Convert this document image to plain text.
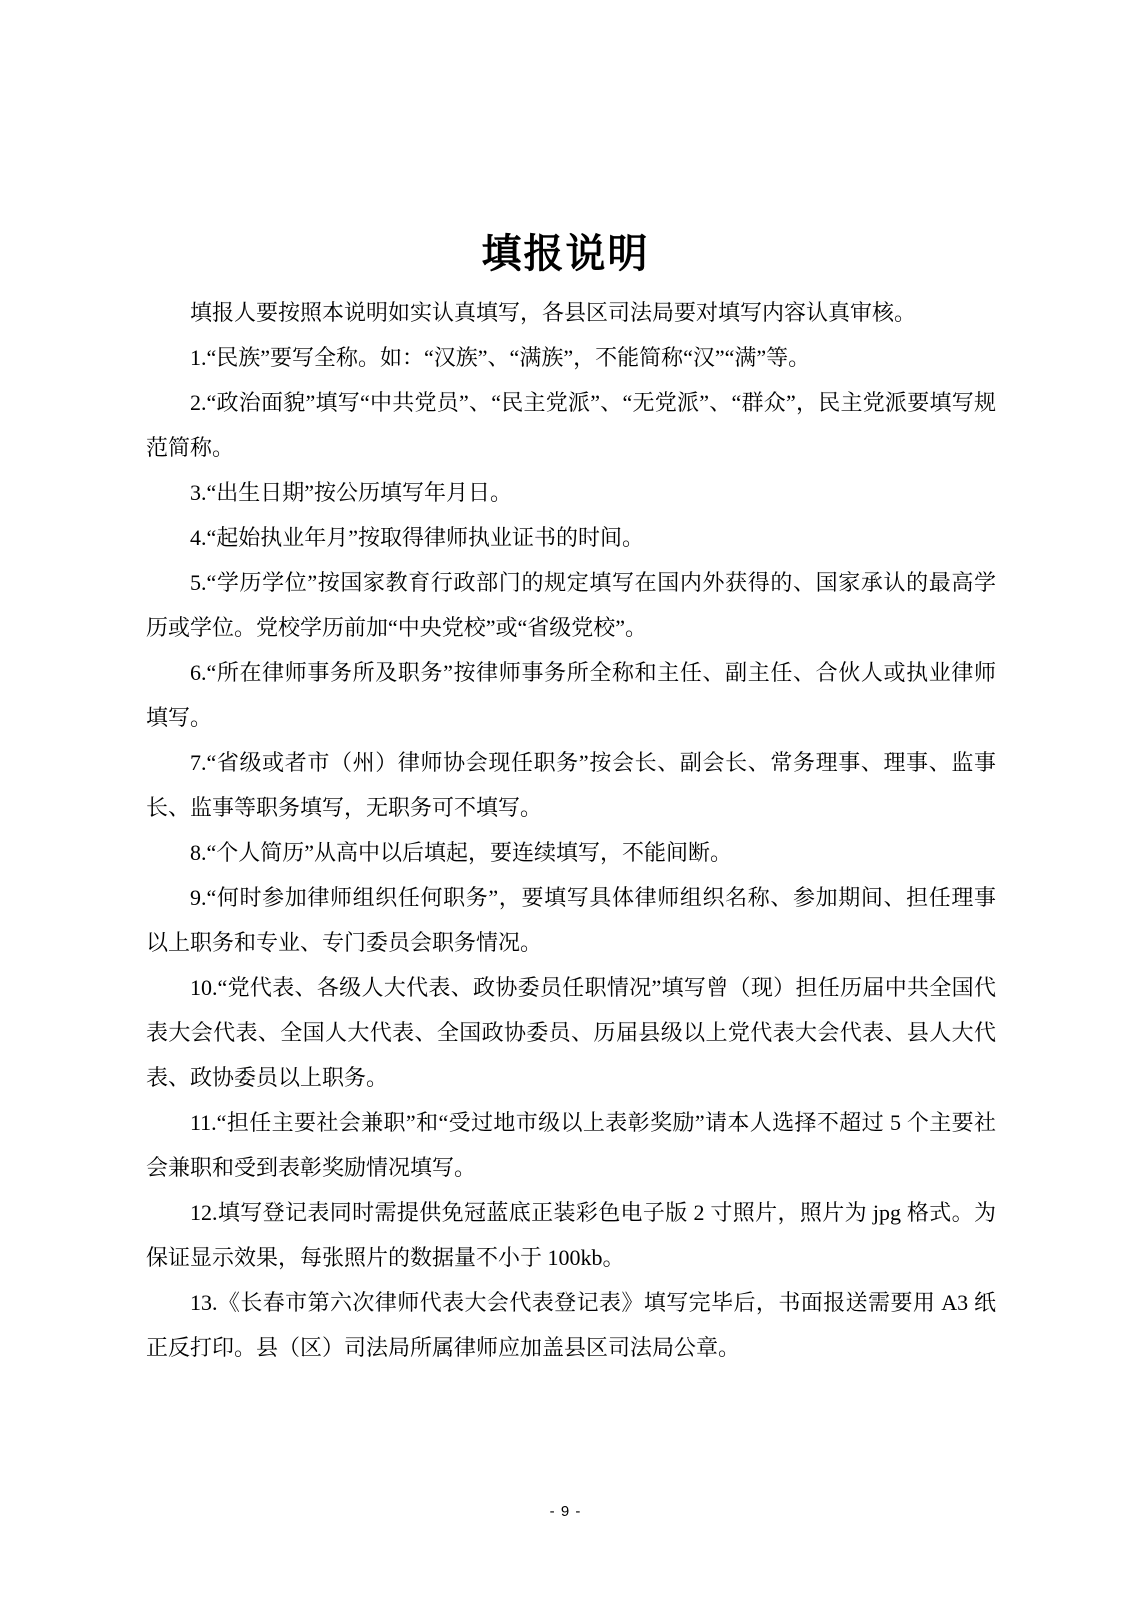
填报说明

填报人要按照本说明如实认真填写，各县区司法局要对填写内容认真审核。

1.“民族”要写全称。如：“汉族”、“满族”，不能简称“汉”“满”等。

2.“政治面貌”填写“中共党员”、“民主党派”、“无党派”、“群众”，民主党派要填写规范简称。

3.“出生日期”按公历填写年月日。

4.“起始执业年月”按取得律师执业证书的时间。

5.“学历学位”按国家教育行政部门的规定填写在国内外获得的、国家承认的最高学历或学位。党校学历前加“中央党校”或“省级党校”。

6.“所在律师事务所及职务”按律师事务所全称和主任、副主任、合伙人或执业律师填写。

7.“省级或者市（州）律师协会现任职务”按会长、副会长、常务理事、理事、监事长、监事等职务填写，无职务可不填写。

8.“个人简历”从高中以后填起，要连续填写，不能间断。

9.“何时参加律师组织任何职务”，要填写具体律师组织名称、参加期间、担任理事以上职务和专业、专门委员会职务情况。

10.“党代表、各级人大代表、政协委员任职情况”填写曾（现）担任历届中共全国代表大会代表、全国人大代表、全国政协委员、历届县级以上党代表大会代表、县人大代表、政协委员以上职务。

11.“担任主要社会兼职”和“受过地市级以上表彰奖励”请本人选择不超过 5 个主要社会兼职和受到表彰奖励情况填写。

12.填写登记表同时需提供免冠蓝底正装彩色电子版 2 寸照片，照片为 jpg 格式。为保证显示效果，每张照片的数据量不小于 100kb。

13.《长春市第六次律师代表大会代表登记表》填写完毕后，书面报送需要用 A3 纸正反打印。县（区）司法局所属律师应加盖县区司法局公章。

- 9 -
